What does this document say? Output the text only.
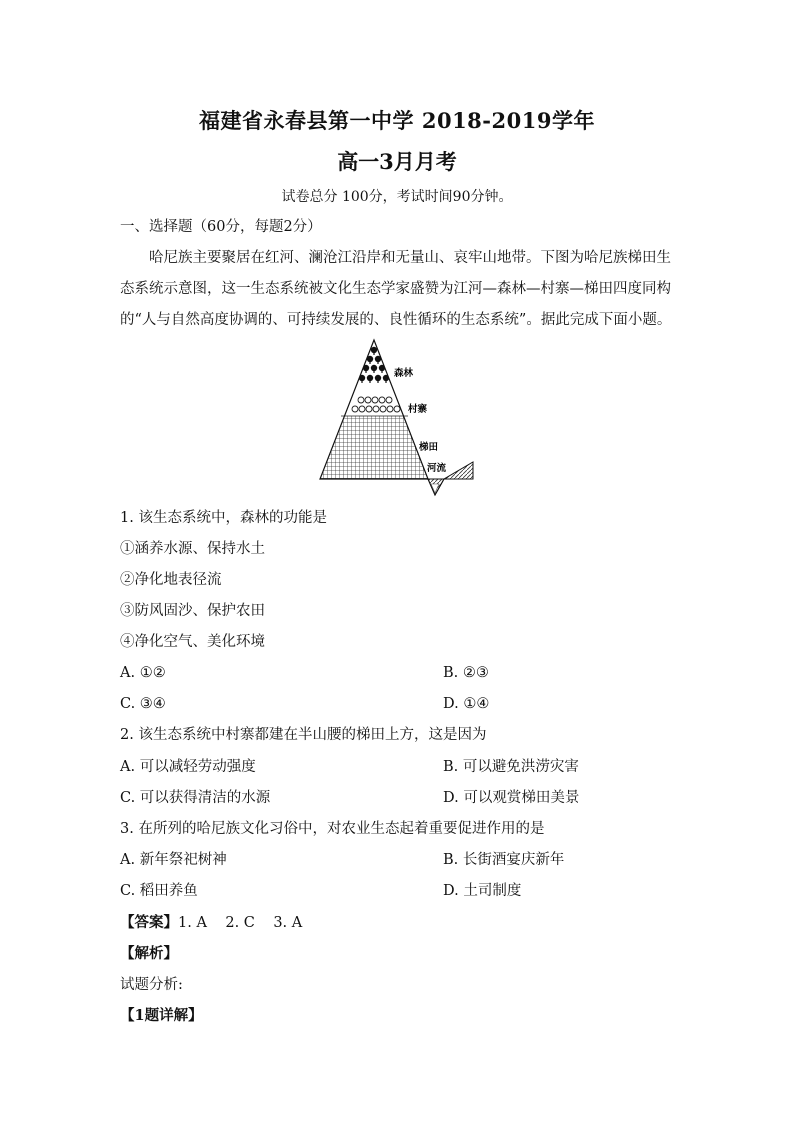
福建省永春县第一中学 2018-2019学年
高一3月月考
试卷总分 100分，考试时间90分钟。
一、选择题（60分，每题2分）
哈尼族主要聚居在红河、澜沧江沿岸和无量山、哀牢山地带。下图为哈尼族梯田生态系统示意图，这一生态系统被文化生态学家盛赞为江河—森林—村寨—梯田四度同构的“人与自然高度协调的、可持续发展的、良性循环的生态系统”。据此完成下面小题。
森林
村寨
梯田
河流
1. 该生态系统中，森林的功能是
①涵养水源、保持水土
②净化地表径流
③防风固沙、保护农田
④净化空气、美化环境
A. ①②	B. ②③
C. ③④	D. ①④
2. 该生态系统中村寨都建在半山腰的梯田上方，这是因为
A. 可以减轻劳动强度	B. 可以避免洪涝灾害
C. 可以获得清洁的水源	D. 可以观赏梯田美景
3. 在所列的哈尼族文化习俗中，对农业生态起着重要促进作用的是
A. 新年祭祀树神	B. 长街酒宴庆新年
C. 稻田养鱼	D. 土司制度
【答案】1. A    2. C    3. A
【解析】
试题分析:
【1题详解】
